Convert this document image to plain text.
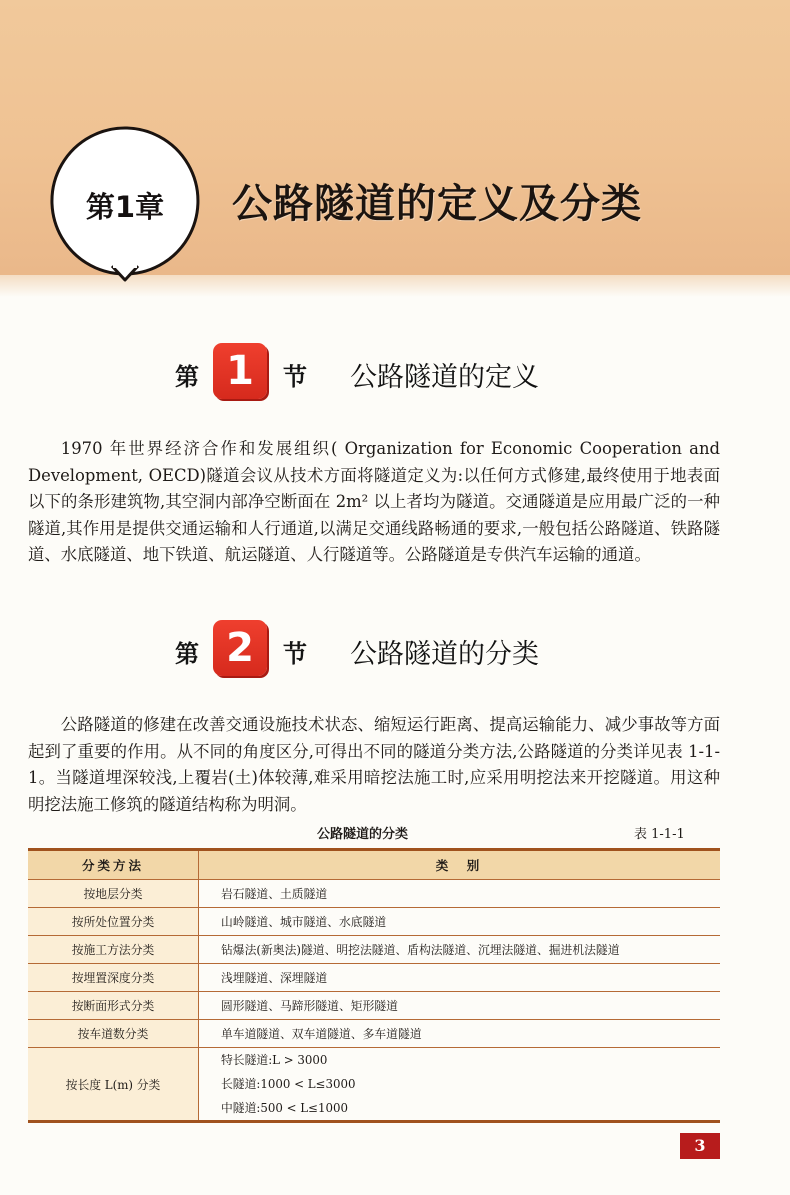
第1章	公路隧道的定义及分类
第 1	节 公路隧道的定义

1970 年世界经济合作和发展组织( Organization for Economic Cooperation and Development, OECD)隧道会议从技术方面将隧道定义为:以任何方式修建,最终使用于地表面以下的条形建筑物,其空洞内部净空断面在 2m² 以上者均为隧道。交通隧道是应用最广泛的一种隧道,其作用是提供交通运输和人行通道,以满足交通线路畅通的要求,一般包括公路隧道、铁路隧道、水底隧道、地下铁道、航运隧道、人行隧道等。公路隧道是专供汽车运输的通道。

第 2	节 公路隧道的分类

公路隧道的修建在改善交通设施技术状态、缩短运行距离、提高运输能力、减少事故等方面起到了重要的作用。从不同的角度区分,可得出不同的隧道分类方法,公路隧道的分类详见表 1-1-1。当隧道埋深较浅,上覆岩(土)体较薄,难采用暗挖法施工时,应采用明挖法来开挖隧道。用这种明挖法施工修筑的隧道结构称为明洞。

公路隧道的分类	表 1-1-1
分类方法	类　别
按地层分类	岩石隧道、土质隧道
按所处位置分类	山岭隧道、城市隧道、水底隧道
按施工方法分类	钻爆法(新奥法)隧道、明挖法隧道、盾构法隧道、沉埋法隧道、掘进机法隧道
按埋置深度分类	浅埋隧道、深埋隧道
按断面形式分类	圆形隧道、马蹄形隧道、矩形隧道
按车道数分类	单车道隧道、双车道隧道、多车道隧道
按长度 L(m) 分类	特长隧道:L > 3000
长隧道:1000 < L≤3000
中隧道:500 < L≤1000
3
